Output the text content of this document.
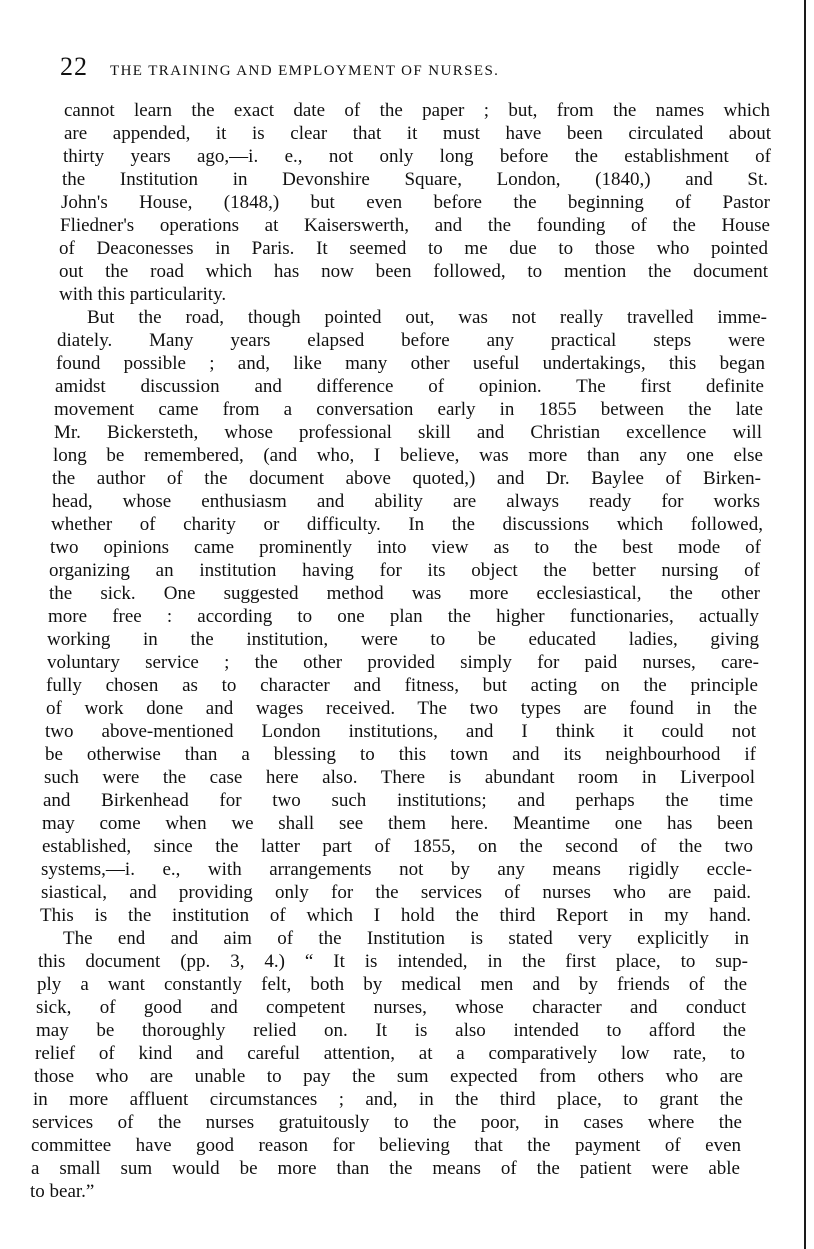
22 THE TRAINING AND EMPLOYMENT OF NURSES.
cannot learn the exact date of the paper ; but, from the names which
are appended, it is clear that it must have been circulated about
thirty years ago,—i. e., not only long before the establishment of
the Institution in Devonshire Square, London, (1840,) and St.
John's House, (1848,) but even before the beginning of Pastor
Fliedner's operations at Kaiserswerth, and the founding of the House
of Deaconesses in Paris. It seemed to me due to those who pointed
out the road which has now been followed, to mention the document
with this particularity.
But the road, though pointed out, was not really travelled imme-
diately. Many years elapsed before any practical steps were
found possible ; and, like many other useful undertakings, this began
amidst discussion and difference of opinion. The first definite
movement came from a conversation early in 1855 between the late
Mr. Bickersteth, whose professional skill and Christian excellence will
long be remembered, (and who, I believe, was more than any one else
the author of the document above quoted,) and Dr. Baylee of Birken-
head, whose enthusiasm and ability are always ready for works
whether of charity or difficulty. In the discussions which followed,
two opinions came prominently into view as to the best mode of
organizing an institution having for its object the better nursing of
the sick. One suggested method was more ecclesiastical, the other
more free : according to one plan the higher functionaries, actually
working in the institution, were to be educated ladies, giving
voluntary service ; the other provided simply for paid nurses, care-
fully chosen as to character and fitness, but acting on the principle
of work done and wages received. The two types are found in the
two above-mentioned London institutions, and I think it could not
be otherwise than a blessing to this town and its neighbourhood if
such were the case here also. There is abundant room in Liverpool
and Birkenhead for two such institutions; and perhaps the time
may come when we shall see them here. Meantime one has been
established, since the latter part of 1855, on the second of the two
systems,—i. e., with arrangements not by any means rigidly eccle-
siastical, and providing only for the services of nurses who are paid.
This is the institution of which I hold the third Report in my hand.
The end and aim of the Institution is stated very explicitly in
this document (pp. 3, 4.) “ It is intended, in the first place, to sup-
ply a want constantly felt, both by medical men and by friends of the
sick, of good and competent nurses, whose character and conduct
may be thoroughly relied on. It is also intended to afford the
relief of kind and careful attention, at a comparatively low rate, to
those who are unable to pay the sum expected from others who are
in more affluent circumstances ; and, in the third place, to grant the
services of the nurses gratuitously to the poor, in cases where the
committee have good reason for believing that the payment of even
a small sum would be more than the means of the patient were able
to bear.”
